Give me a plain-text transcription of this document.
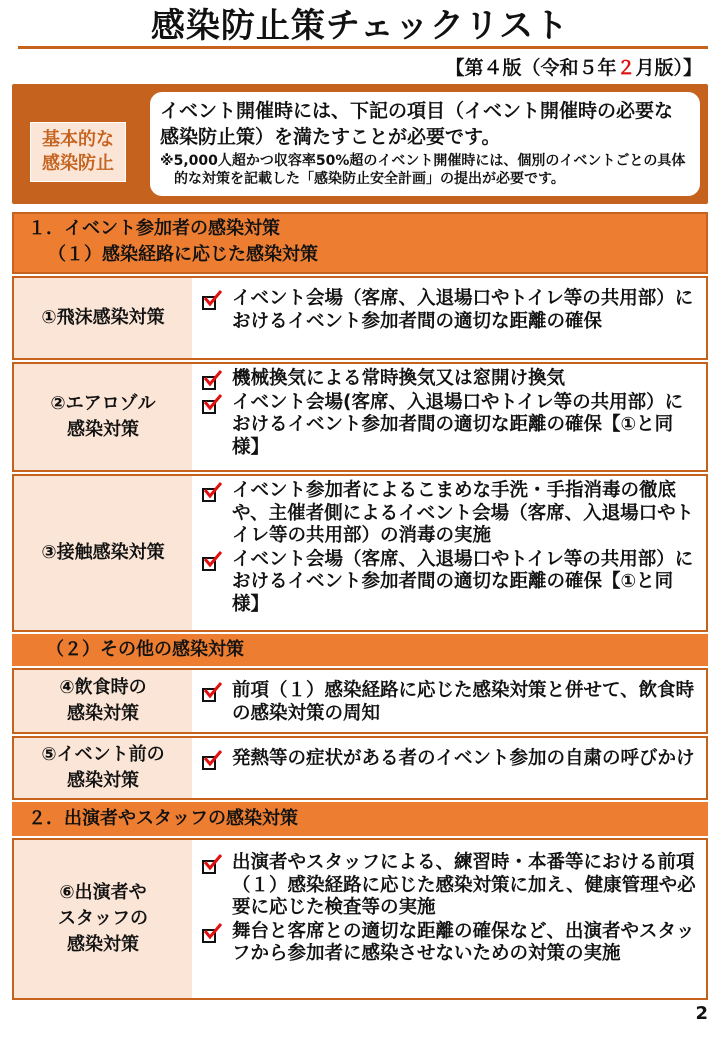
感染防止策チェックリスト
【第４版（令和５年２月版）】
基本的な
感染防止
イベント開催時には、下記の項目（イベント開催時の必要な感染防止策）を満たすことが必要です。
※5,000人超かつ収容率50%超のイベント開催時には、個別のイベントごとの具体的な対策を記載した「感染防止安全計画」の提出が必要です。
１．イベント参加者の感染対策
（１）感染経路に応じた感染対策
①飛沫感染対策
イベント会場（客席、入退場口やトイレ等の共用部）におけるイベント参加者間の適切な距離の確保
②エアロゾル
感染対策
機械換気による常時換気又は窓開け換気
イベント会場(客席、入退場口やトイレ等の共用部）におけるイベント参加者間の適切な距離の確保【①と同様】
③接触感染対策
イベント参加者によるこまめな手洗・手指消毒の徹底や、主催者側によるイベント会場（客席、入退場口やトイレ等の共用部）の消毒の実施
イベント会場（客席、入退場口やトイレ等の共用部）におけるイベント参加者間の適切な距離の確保【①と同様】
（２）その他の感染対策
④飲食時の
感染対策
前項（１）感染経路に応じた感染対策と併せて、飲食時の感染対策の周知
⑤イベント前の
感染対策
発熱等の症状がある者のイベント参加の自粛の呼びかけ
２．出演者やスタッフの感染対策
⑥出演者や
スタッフの
感染対策
出演者やスタッフによる、練習時・本番等における前項（１）感染経路に応じた感染対策に加え、健康管理や必要に応じた検査等の実施
舞台と客席との適切な距離の確保など、出演者やスタッフから参加者に感染させないための対策の実施
2
